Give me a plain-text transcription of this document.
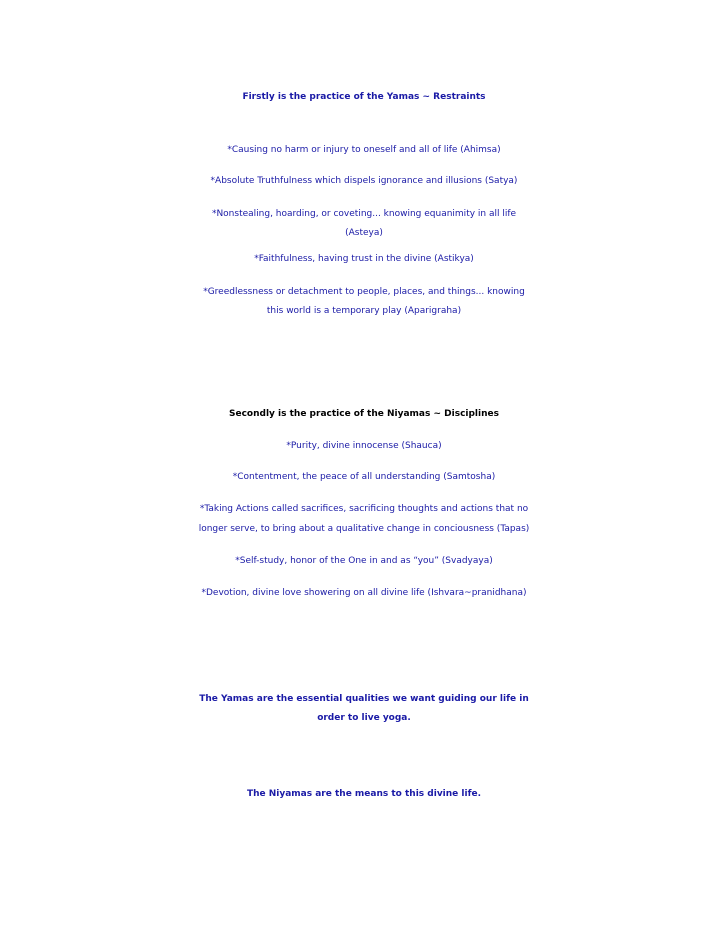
Firstly is the practice of the Yamas ~ Restraints
*Causing no harm or injury to oneself and all of life (Ahimsa)
*Absolute Truthfulness which dispels ignorance and illusions (Satya)
*Nonstealing, hoarding, or coveting... knowing equanimity in all life
(Asteya)
*Faithfulness, having trust in the divine (Astikya)
*Greedlessness or detachment to people, places, and things... knowing
this world is a temporary play (Aparigraha)
Secondly is the practice of the Niyamas ~ Disciplines
*Purity, divine innocense (Shauca)
*Contentment, the peace of all understanding (Samtosha)
*Taking Actions called sacrifices, sacrificing thoughts and actions that no
longer serve, to bring about a qualitative change in conciousness (Tapas)
*Self-study, honor of the One in and as “you” (Svadyaya)
*Devotion, divine love showering on all divine life (Ishvara~pranidhana)
The Yamas are the essential qualities we want guiding our life in
order to live yoga.
The Niyamas are the means to this divine life.
